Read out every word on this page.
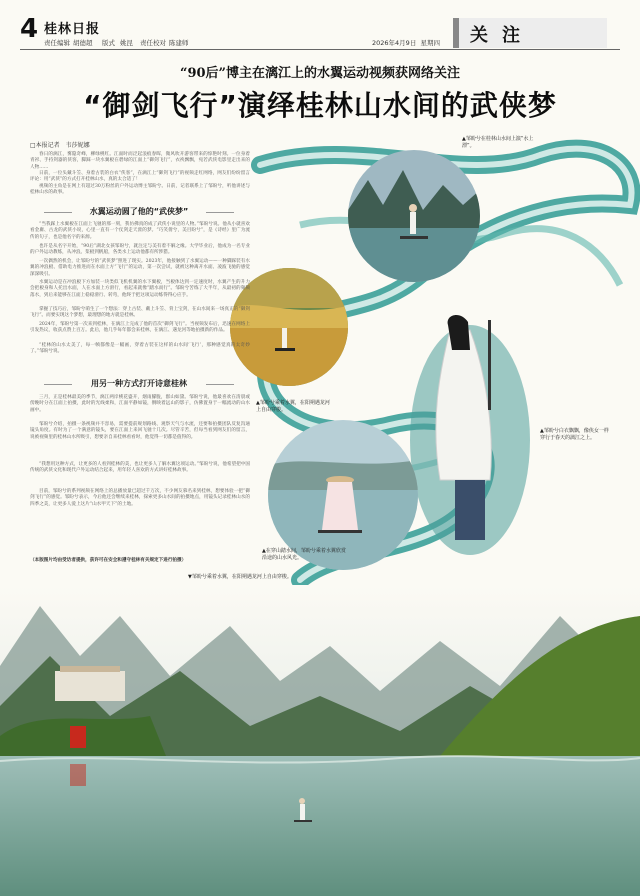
4 桂林日报
责任编辑 胡德超 版式 姚昆 责任校对 陈建师	2026年4月9日 星期四 关注
“90后”博主在漓江上的水翼运动视频获网络关注
“御剑飞行”演绎桂林山水间的武侠梦
▲邹盼兮在桂林山水间上演“水上漂”。
▲邹盼兮白衣飘飘，像侠女一样穿行于春天的漓江之上。
▲邹盼兮乘着水翼，在阳朔遇龙河上自由穿梭。
▲在穿山踏水间，邹盼兮乘着水翼欣赏沿途的山水风光。
▼邹盼兮乘着水翼，在阳朔遇龙河上自由穿梭。
□本报记者　韦莎妮娜

春日的漓江，雾隐奇峰，柳绿桃红。江面时而泛起浪痕春晖，微风吹开游客带来的惊艳时刻。一位身着青衫、手持剑器的侠客，脚踩一块水翼板在碧绿的江面上“御剑飞行”，衣袂飘飘，宛若武侠电影里走出来的人物……

日前，一位头戴斗笠、身着古装的白衣“侠客”，在漓江上“御剑飞行”的视频走红网络，网友们纷纷留言评论：用“武侠”的方式打开桂林山水，真的太合适了！

视频的主角是在网上有超过30万粉丝的户外运动博主邹盼兮。日前，记者联系上了邹盼兮，听他讲述与桂林山水的故事。

水翼运动圆了他的“武侠梦”

“当我踩上水翼板在江面上飞驰的那一刻，我仿佛真的成了武侠小说里的人物。”邹盼兮说。他从小就喜欢看金庸、古龙的武侠小说，心里一直有一个仗剑走天涯的梦。“巧笑倩兮，美目盼兮”，是《诗经》里广为流传的句子，也是他名字的来源。

也许是从名字开始，“90后”湖北女孩邹盼兮，就注定与美有着不解之缘。大学毕业后，他成为一名专业的户外运动教练，从冲浪、桨板到帆船，各类水上运动他都有所涉猎。

一次偶然的机会，让邹盼兮的“武侠梦”照进了现实。2023年，他接触到了水翼运动——一种脚踩装有水翼的冲浪板、借助电力推进而在水面上方“飞行”的运动，第一次尝试，就被这种离开水面、凌波飞驰的感觉深深吸引。

水翼运动是在冲浪板下方加装一块类似飞机机翼的水下翼板，当板体达到一定速度时，水翼产生的升力会把板身和人托出水面，人在水面上方滑行，看起来就像“踏水而行”。邹盼兮苦练了大半年，从最初的频频落水，到后来能够在江面上稳稳滑行、转弯，他终于把这项运动练得得心应手。

掌握了技巧后，邹盼兮萌生了一个想法：穿上古装、戴上斗笠、背上宝剑，在山水间来一场真正的“御剑飞行”。而要实现这个梦想，最理想的地方就是桂林。

2024年，邹盼兮第一次来到桂林，在漓江上完成了他的首次“御剑飞行”。当视频发布后，迅速在网络上引发热议，收获点赞上百万。此后，他几乎每年都会来桂林，在漓江、遇龙河等地拍摄新的作品。

“桂林的山水太美了，每一帧都像是一幅画，穿着古装在这样的山水间‘飞行’，那种感觉真的太奇妙了。”邹盼兮说。

用另一种方式打开诗意桂林

三月，正是桂林最美的季节，漓江两岸桃花盛开，烟雨朦胧，群山如黛。邹盼兮说，他最喜欢在清晨或傍晚时分在江面上拍摄，此时的光线柔和，江面平静如镜，倒映着远山的影子，仿佛置身于一幅流动的山水画中。

邹盼兮介绍，拍摄一条视频并不容易，需要提前规划路线、观察天气与水流，还要和拍摄团队反复沟通镜头角度。有时为了一个满意的镜头，要在江面上来回飞驰十几次。尽管辛苦，但每当看到网友们的留言，说被视频里的桂林山水所吸引，想要亲自来桂林看看时，他觉得一切都是值得的。

“我想用这种方式，让更多的人看到桂林的美，也让更多人了解水翼这项运动。”邹盼兮说，他希望把中国传统的武侠文化和现代户外运动结合起来，用年轻人喜欢的方式讲好桂林故事。

目前，邹盼兮的系列视频在网络上的总播放量已超过千万次，不少网友慕名来到桂林，想要体验一把“御剑飞行”的感觉。邹盼兮表示，今后他还会继续来桂林，探索更多山水间的拍摄地点，用镜头记录桂林山水的四季之美，让更多人爱上这片“山水甲天下”的土地。

（本版图片均由受访者提供，获许可在安全和遵守桂林有关规定下进行拍摄）
